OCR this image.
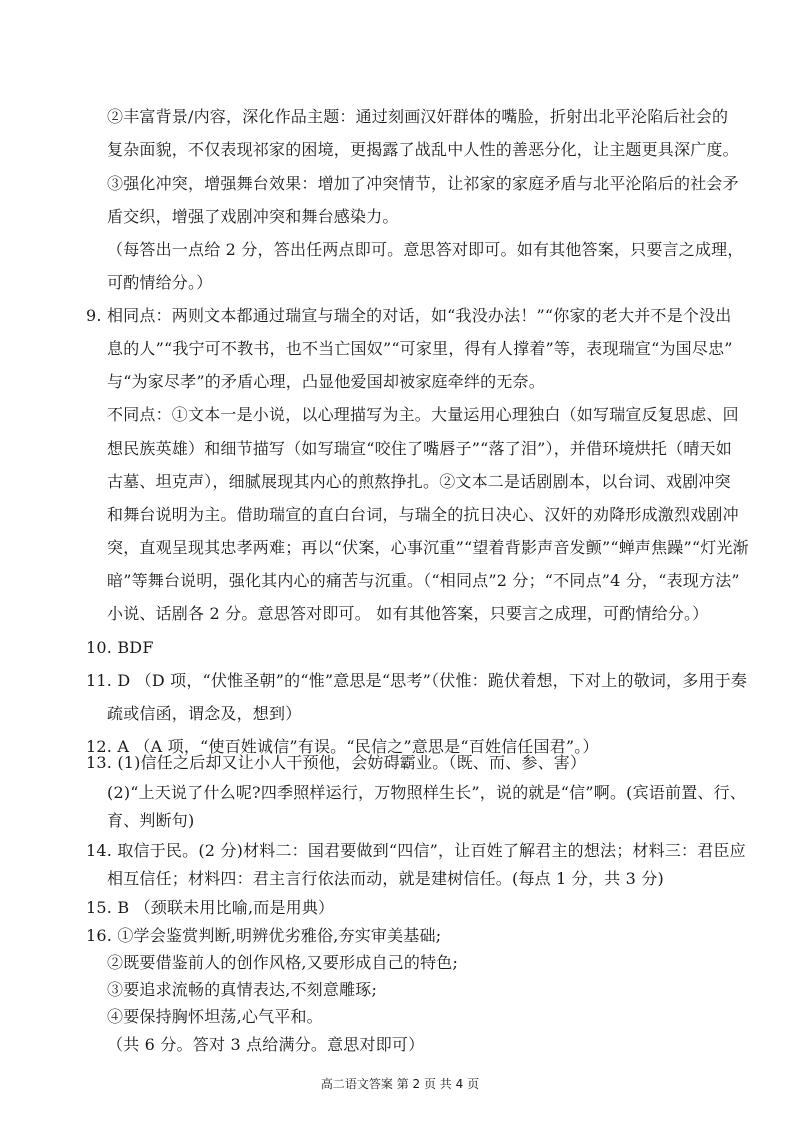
②丰富背景/内容，深化作品主题：通过刻画汉奸群体的嘴脸，折射出北平沦陷后社会的
复杂面貌，不仅表现祁家的困境，更揭露了战乱中人性的善恶分化，让主题更具深广度。
③强化冲突，增强舞台效果：增加了冲突情节，让祁家的家庭矛盾与北平沦陷后的社会矛
盾交织，增强了戏剧冲突和舞台感染力。
（每答出一点给 2 分，答出任两点即可。意思答对即可。如有其他答案，只要言之成理，
可酌情给分。）
9. 相同点：两则文本都通过瑞宣与瑞全的对话，如“我没办法！”“你家的老大并不是个没出
息的人”“我宁可不教书，也不当亡国奴”“可家里，得有人撑着”等，表现瑞宣“为国尽忠”
与“为家尽孝”的矛盾心理，凸显他爱国却被家庭牵绊的无奈。
不同点：①文本一是小说，以心理描写为主。大量运用心理独白（如写瑞宣反复思虑、回
想民族英雄）和细节描写（如写瑞宣“咬住了嘴唇子”“落了泪”），并借环境烘托（晴天如
古墓、坦克声），细腻展现其内心的煎熬挣扎。②文本二是话剧剧本，以台词、戏剧冲突
和舞台说明为主。借助瑞宣的直白台词，与瑞全的抗日决心、汉奸的劝降形成激烈戏剧冲
突，直观呈现其忠孝两难；再以“伏案，心事沉重”“望着背影声音发颤”“蝉声焦躁”“灯光渐
暗”等舞台说明，强化其内心的痛苦与沉重。（“相同点”2 分；“不同点”4 分，“表现方法”
小说、话剧各 2 分。意思答对即可。 如有其他答案，只要言之成理，可酌情给分。）
10. BDF
11. D （D 项，“伏惟圣朝”的“惟”意思是“思考”（伏惟：跪伏着想，下对上的敬词，多用于奏
疏或信函，谓念及，想到）
12. A （A 项，“使百姓诚信”有误。“民信之”意思是“百姓信任国君”。）
13. (1)信任之后却又让小人干预他，会妨碍霸业。（既、而、参、害）
(2)“上天说了什么呢?四季照样运行，万物照样生长”，说的就是“信”啊。(宾语前置、行、
育、判断句)
14. 取信于民。(2 分)材料二：国君要做到“四信”，让百姓了解君主的想法；材料三：君臣应
相互信任；材料四：君主言行依法而动，就是建树信任。(每点 1 分，共 3 分)
15. B （颈联未用比喻,而是用典）
16. ①学会鉴赏判断,明辨优劣雅俗,夯实审美基础;
②既要借鉴前人的创作风格,又要形成自己的特色;
③要追求流畅的真情表达,不刻意雕琢;
④要保持胸怀坦荡,心气平和。
（共 6 分。答对 3 点给满分。意思对即可）
高二语文答案 第 2 页 共 4 页
